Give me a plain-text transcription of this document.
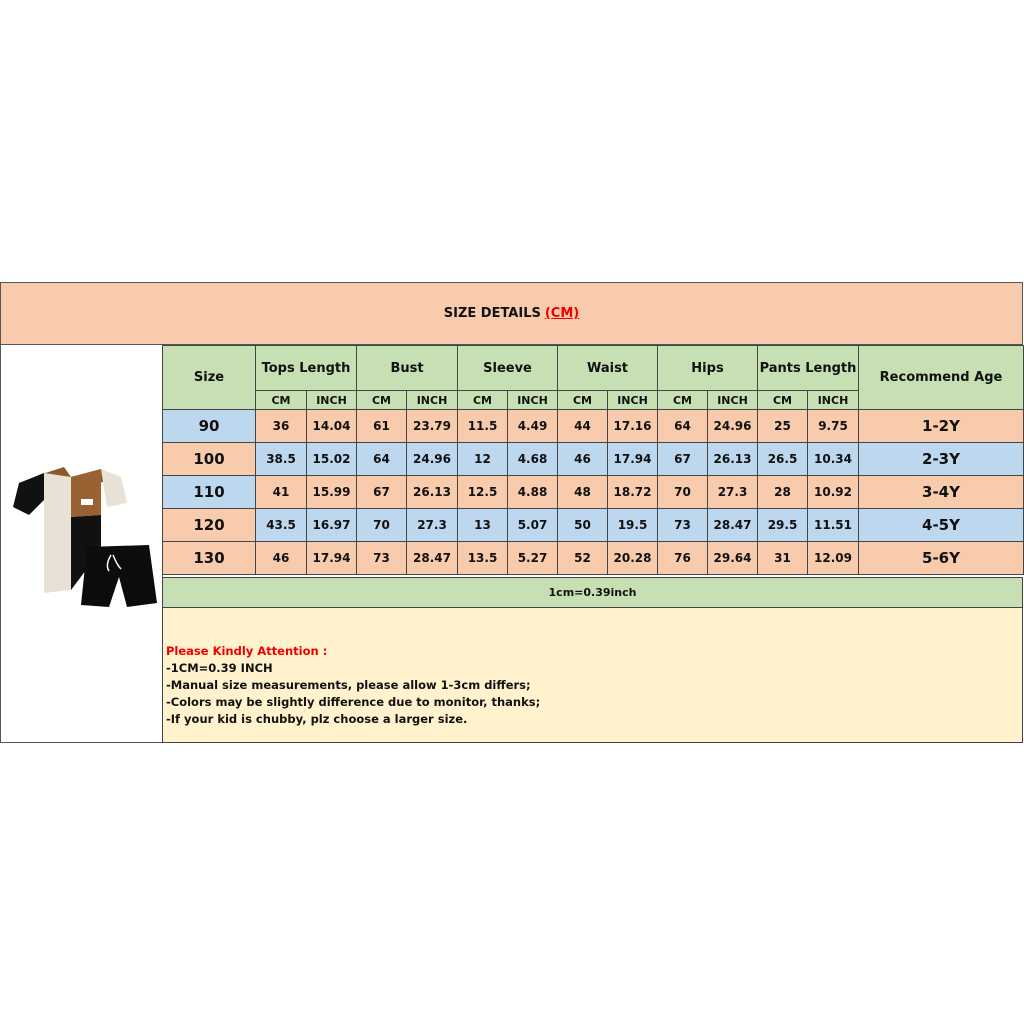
SIZE DETAILS (CM)
Size	Tops Length		Bust		Sleeve		Waist		Hips		Pants Length		Recommend Age
	CM	INCH	CM	INCH	CM	INCH	CM	INCH	CM	INCH	CM	INCH	
90	36	14.04	61	23.79	11.5	4.49	44	17.16	64	24.96	25	9.75	1-2Y
100	38.5	15.02	64	24.96	12	4.68	46	17.94	67	26.13	26.5	10.34	2-3Y
110	41	15.99	67	26.13	12.5	4.88	48	18.72	70	27.3	28	10.92	3-4Y
120	43.5	16.97	70	27.3	13	5.07	50	19.5	73	28.47	29.5	11.51	4-5Y
130	46	17.94	73	28.47	13.5	5.27	52	20.28	76	29.64	31	12.09	5-6Y
1cm=0.39inch
Please Kindly Attention :
-1CM=0.39 INCH
-Manual size measurements, please allow 1-3cm differs;
-Colors may be slightly difference due to monitor, thanks;
-If your kid is chubby, plz choose a larger size.
